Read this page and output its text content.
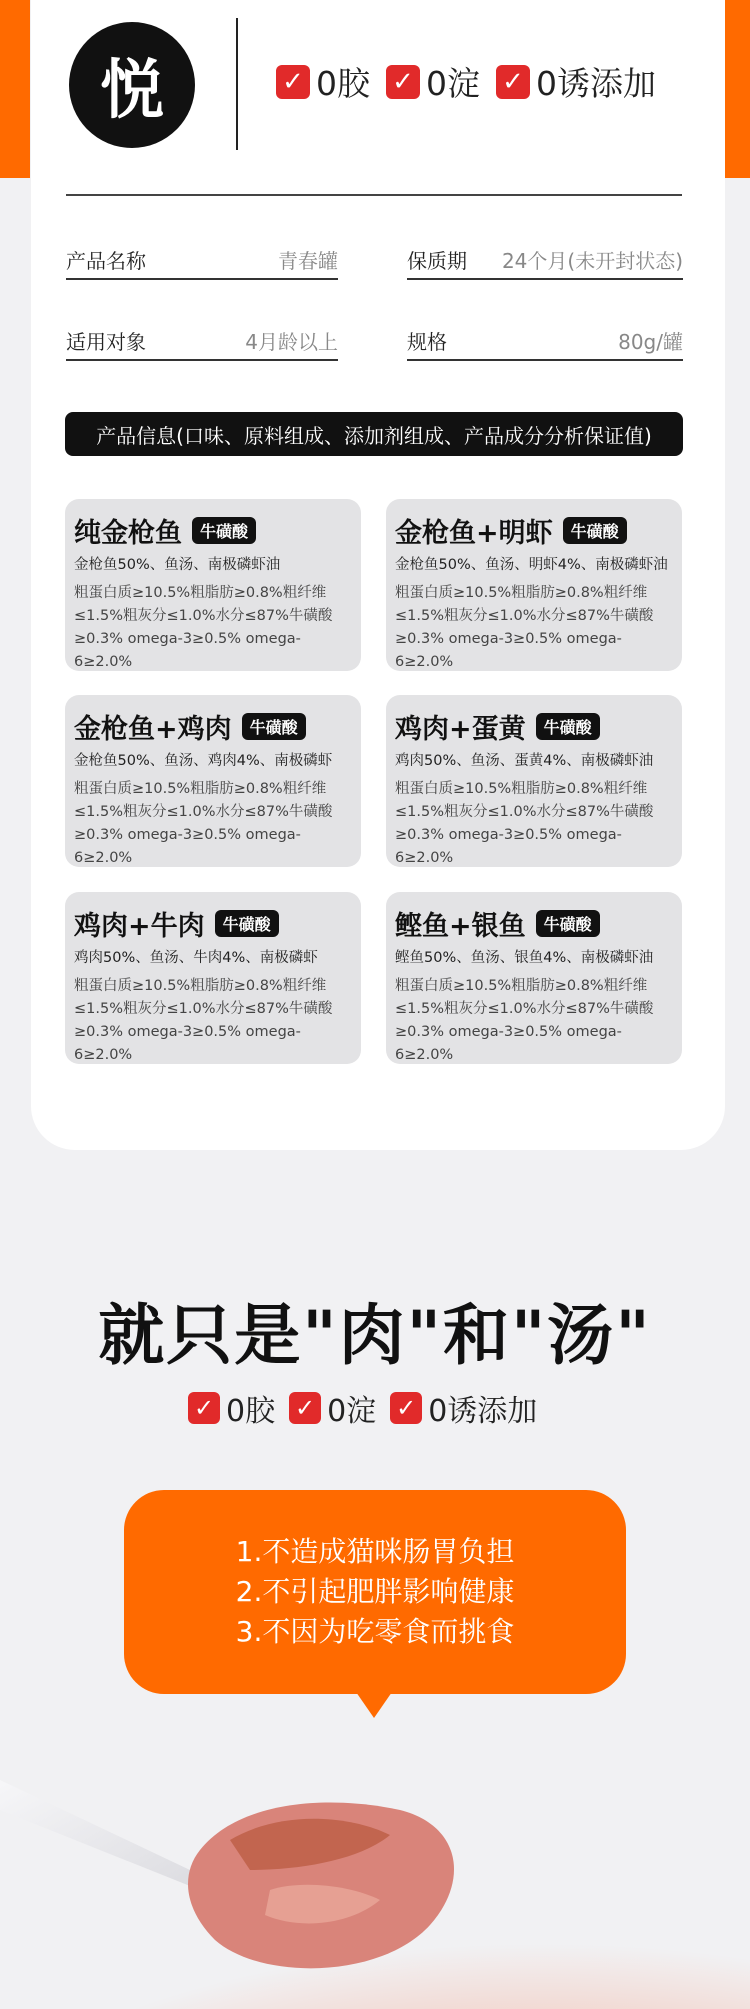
悦	✓ 0胶 ✓ 0淀 ✓ 0诱添加
产品名称	青春罐	保质期 24个月(未开封状态)
适用对象	4月龄以上	规格	80g/罐
产品信息(口味、原料组成、添加剂组成、产品成分分析保证值)
纯金枪鱼	牛磺酸
金枪鱼50%、鱼汤、南极磷虾油
粗蛋白质≥10.5%粗脂肪≥0.8%粗纤维≤1.5%粗灰分≤1.0%水分≤87%牛磺酸≥0.3% omega-3≥0.5% omega-6≥2.0%
金枪鱼+明虾	牛磺酸
金枪鱼50%、鱼汤、明虾4%、南极磷虾油
粗蛋白质≥10.5%粗脂肪≥0.8%粗纤维≤1.5%粗灰分≤1.0%水分≤87%牛磺酸≥0.3% omega-3≥0.5% omega-6≥2.0%
金枪鱼+鸡肉	牛磺酸
金枪鱼50%、鱼汤、鸡肉4%、南极磷虾
粗蛋白质≥10.5%粗脂肪≥0.8%粗纤维≤1.5%粗灰分≤1.0%水分≤87%牛磺酸≥0.3% omega-3≥0.5% omega-6≥2.0%
鸡肉+蛋黄	牛磺酸
鸡肉50%、鱼汤、蛋黄4%、南极磷虾油
粗蛋白质≥10.5%粗脂肪≥0.8%粗纤维≤1.5%粗灰分≤1.0%水分≤87%牛磺酸≥0.3% omega-3≥0.5% omega-6≥2.0%
鸡肉+牛肉	牛磺酸
鸡肉50%、鱼汤、牛肉4%、南极磷虾
粗蛋白质≥10.5%粗脂肪≥0.8%粗纤维≤1.5%粗灰分≤1.0%水分≤87%牛磺酸≥0.3% omega-3≥0.5% omega-6≥2.0%
鲣鱼+银鱼	牛磺酸
鲣鱼50%、鱼汤、银鱼4%、南极磷虾油
粗蛋白质≥10.5%粗脂肪≥0.8%粗纤维≤1.5%粗灰分≤1.0%水分≤87%牛磺酸≥0.3% omega-3≥0.5% omega-6≥2.0%
就只是"肉"和"汤"
✓ 0胶 ✓ 0淀 ✓ 0诱添加
1.不造成猫咪肠胃负担
2.不引起肥胖影响健康
3.不因为吃零食而挑食
